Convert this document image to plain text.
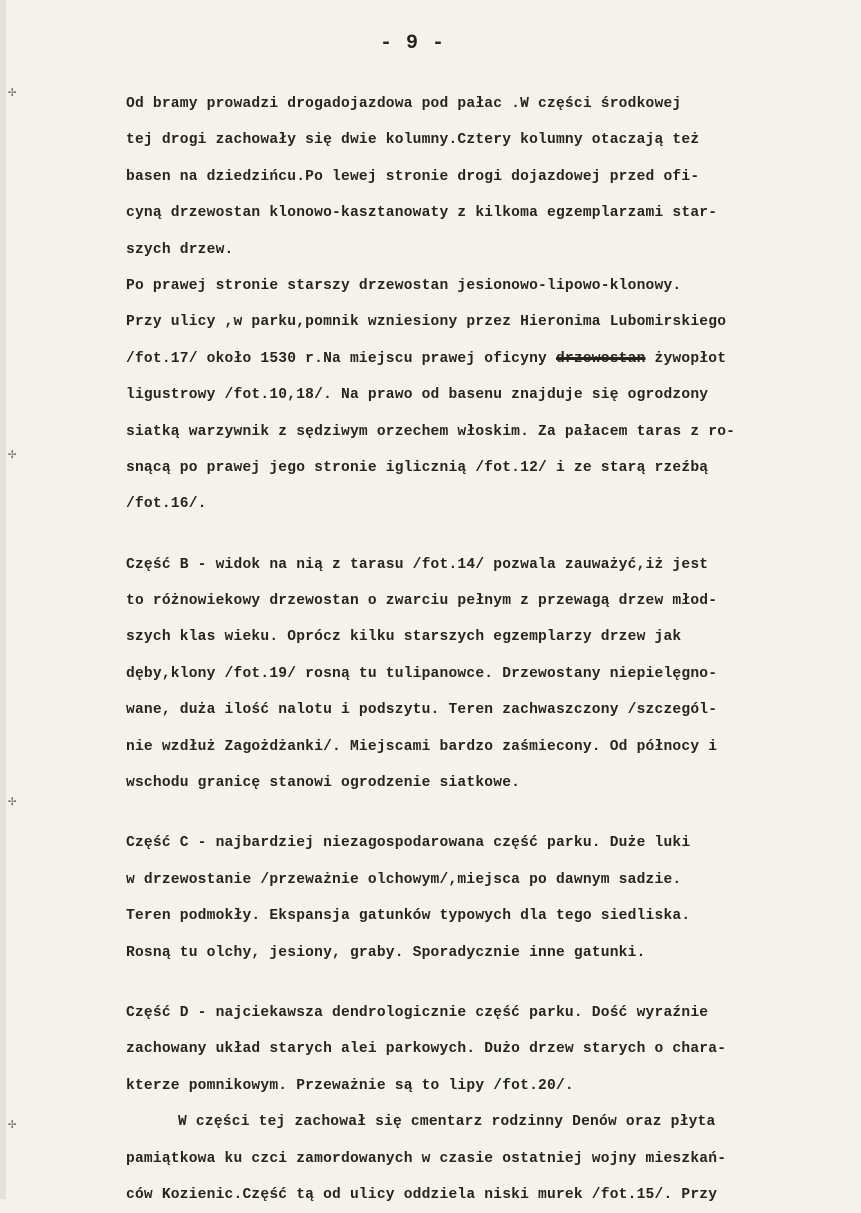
✢
✢
✢
✢
- 9 -
Od bramy prowadzi drogadojazdowa pod pałac .W części środkowej
tej drogi zachowały się dwie kolumny.Cztery kolumny otaczają też
basen na dziedzińcu.Po lewej stronie drogi dojazdowej przed ofi-
cyną drzewostan klonowo-kasztanowaty z kilkoma egzemplarzami star-
szych drzew.
Po prawej stronie starszy drzewostan jesionowo-lipowo-klonowy.
Przy ulicy ,w parku,pomnik wzniesiony przez Hieronima Lubomirskiego
/fot.17/ około 1530 r.Na miejscu prawej oficyny drzewostan żywopłot
ligustrowy /fot.10,18/. Na prawo od basenu znajduje się ogrodzony
siatką warzywnik z sędziwym orzechem włoskim. Za pałacem taras z ro-
snącą po prawej jego stronie iglicznią /fot.12/ i ze starą rzeźbą
/fot.16/.
Część B - widok na nią z tarasu /fot.14/ pozwala zauważyć,iż jest
to różnowiekowy drzewostan o zwarciu pełnym z przewagą drzew młod-
szych klas wieku. Oprócz kilku starszych egzemplarzy drzew jak
dęby,klony /fot.19/ rosną tu tulipanowce. Drzewostany niepielęgno-
wane, duża ilość nalotu i podszytu. Teren zachwaszczony /szczegól-
nie wzdłuż Zagożdżanki/. Miejscami bardzo zaśmiecony. Od północy i
wschodu granicę stanowi ogrodzenie siatkowe.
Część C - najbardziej niezagospodarowana część parku. Duże luki
w drzewostanie /przeważnie olchowym/,miejsca po dawnym sadzie.
Teren podmokły. Ekspansja gatunków typowych dla tego siedliska.
Rosną tu olchy, jesiony, graby. Sporadycznie inne gatunki.
Część D - najciekawsza dendrologicznie część parku. Dość wyraźnie
zachowany układ starych alei parkowych. Dużo drzew starych o chara-
kterze pomnikowym. Przeważnie są to lipy /fot.20/.
W części tej zachował się cmentarz rodzinny Denów oraz płyta
pamiątkowa ku czci zamordowanych w czasie ostatniej wojny mieszkań-
ców Kozienic.Część tą od ulicy oddziela niski murek /fot.15/. Przy
